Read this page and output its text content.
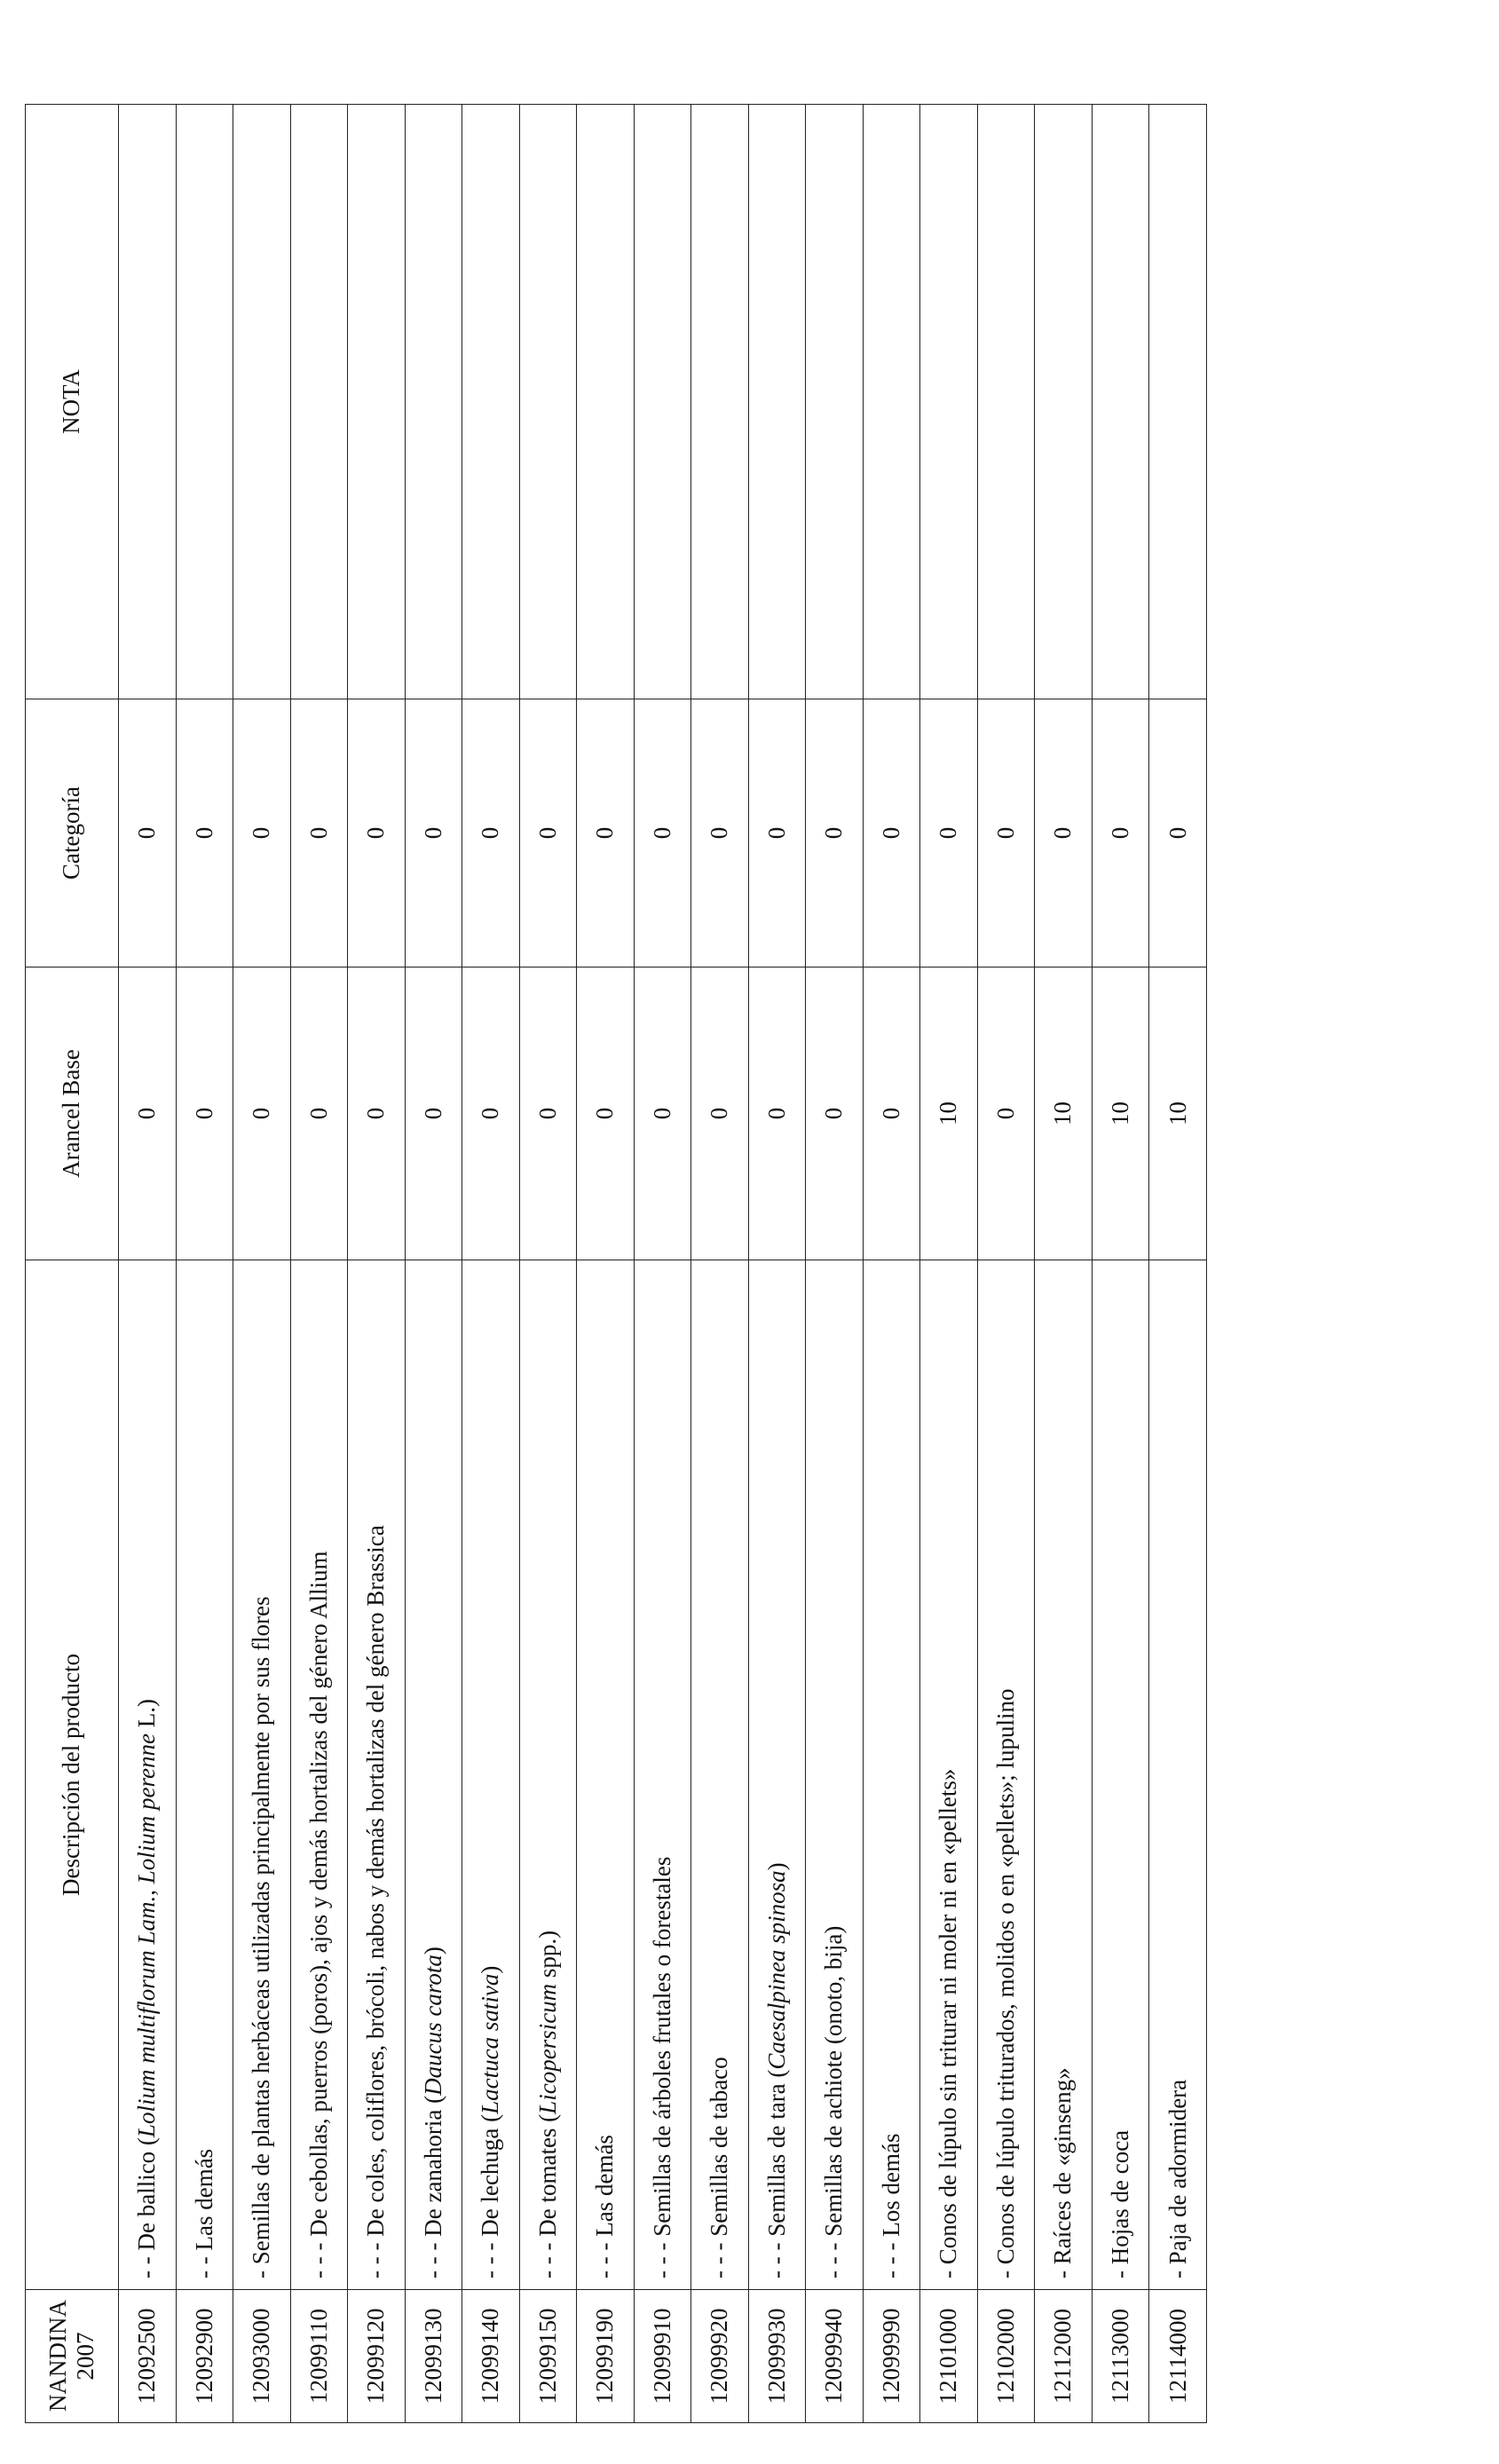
NANDINA 2007	Descripción del producto	Arancel Base	Categoría	NOTA
12092500	- - De ballico (Lolium multiflorum Lam., Lolium perenne L.)	0	0	
12092900	- - Las demás	0	0	
12093000	- Semillas de plantas herbáceas utilizadas principalmente por sus flores	0	0	
12099110	- - - De cebollas, puerros (poros), ajos y demás hortalizas del género Allium	0	0	
12099120	- - - De coles, coliflores, brócoli, nabos y demás hortalizas del género Brassica	0	0	
12099130	- - - De zanahoria (Daucus carota)	0	0	
12099140	- - - De lechuga (Lactuca sativa)	0	0	
12099150	- - - De tomates (Licopersicum spp.)	0	0	
12099190	- - - Las demás	0	0	
12099910	- - - Semillas de árboles frutales o forestales	0	0	
12099920	- - - Semillas de tabaco	0	0	
12099930	- - - Semillas de tara (Caesalpinea spinosa)	0	0	
12099940	- - - Semillas de achiote (onoto, bija)	0	0	
12099990	- - - Los demás	0	0	
12101000	- Conos de lúpulo sin triturar ni moler ni en «pellets»	10	0	
12102000	- Conos de lúpulo triturados, molidos o en «pellets»; lupulino	0	0	
12112000	- Raíces de «ginseng»	10	0	
12113000	- Hojas de coca	10	0	
12114000	- Paja de adormidera	10	0	
